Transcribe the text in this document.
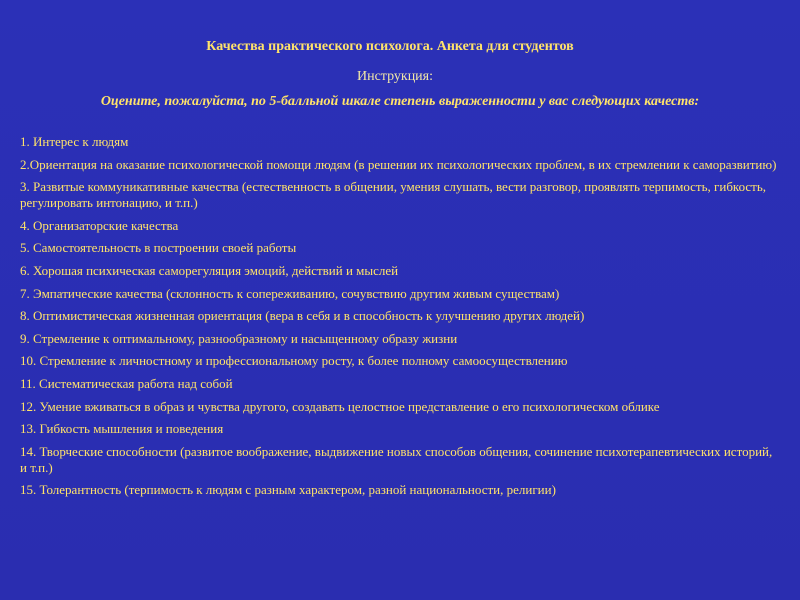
Качества практического психолога. Анкета для студентов
Инструкция:
Оцените, пожалуйста, по 5-балльной шкале степень выраженности у вас следующих качеств:
1. Интерес к людям
2.Ориентация на оказание психологической помощи людям (в решении их психологических проблем, в их стремлении к саморазвитию)
3. Развитые коммуникативные качества (естественность в общении, умения слушать, вести разговор, проявлять терпимость, гибкость, регулировать интонацию, и т.п.)
4. Организаторские качества
5. Самостоятельность в построении своей работы
6. Хорошая психическая саморегуляция эмоций, действий и мыслей
7. Эмпатические качества (склонность к сопереживанию, сочувствию другим живым существам)
8. Оптимистическая жизненная ориентация (вера в себя и в способность к улучшению других людей)
9. Стремление к оптимальному, разнообразному и насыщенному образу жизни
10. Стремление к личностному и профессиональному росту, к более полному самоосуществлению
11. Систематическая работа над собой
12. Умение вживаться в образ и чувства другого, создавать целостное представление о его психологическом облике
13. Гибкость мышления и поведения
14. Творческие способности (развитое воображение, выдвижение новых способов общения, сочинение психотерапевтических историй, и т.п.)
15. Толерантность (терпимость к людям с разным характером, разной национальности, религии)
